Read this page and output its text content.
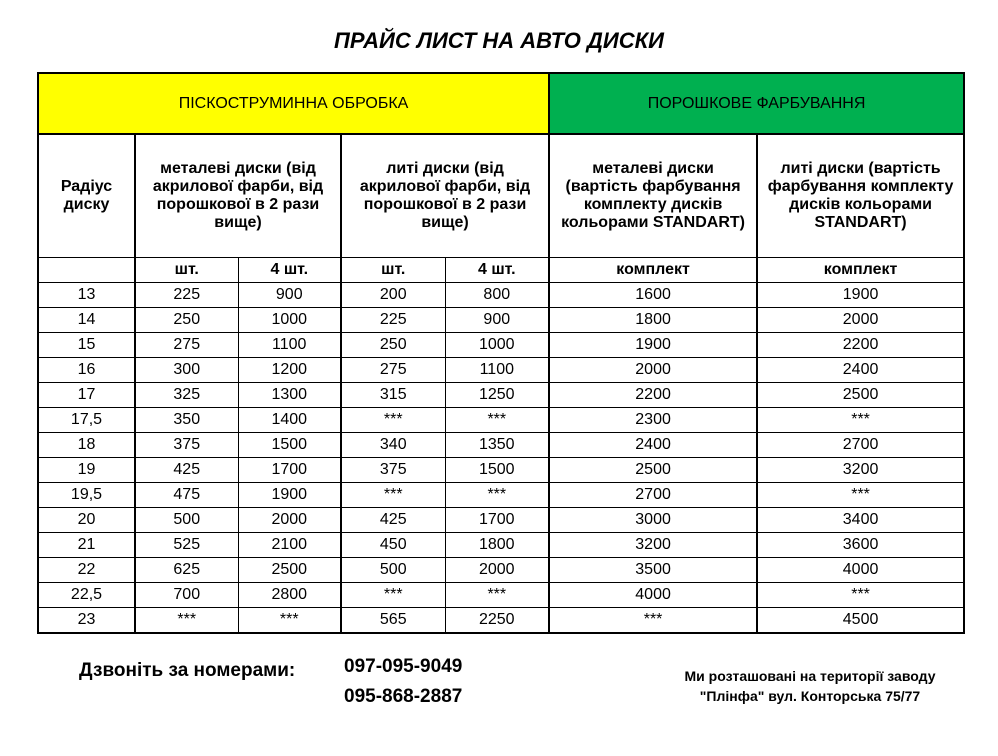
ПРАЙС ЛИСТ НА АВТО ДИСКИ
ПІСКОСТРУМИННА ОБРОБКА					ПОРОШКОВЕ ФАРБУВАННЯ	
Радіус диску	металеві диски (від акрилової фарби, від порошкової в 2 рази вище)		литі диски (від акрилової фарби, від порошкової в 2 рази вище)		металеві диски (вартість фарбування комплекту дисків кольорами STANDART)	литі диски (вартість фарбування комплекту дисків кольорами STANDART)
	шт.	4 шт.	шт.	4 шт.	комплект	комплект
13	225	900	200	800	1600	1900
14	250	1000	225	900	1800	2000
15	275	1100	250	1000	1900	2200
16	300	1200	275	1100	2000	2400
17	325	1300	315	1250	2200	2500
17,5	350	1400	***	***	2300	***
18	375	1500	340	1350	2400	2700
19	425	1700	375	1500	2500	3200
19,5	475	1900	***	***	2700	***
20	500	2000	425	1700	3000	3400
21	525	2100	450	1800	3200	3600
22	625	2500	500	2000	3500	4000
22,5	700	2800	***	***	4000	***
23	***	***	565	2250	***	4500
Дзвоніть за номерами:	097-095-9049
095-868-2887
Ми розташовані на території заводу
"Плінфа" вул. Конторська 75/77
